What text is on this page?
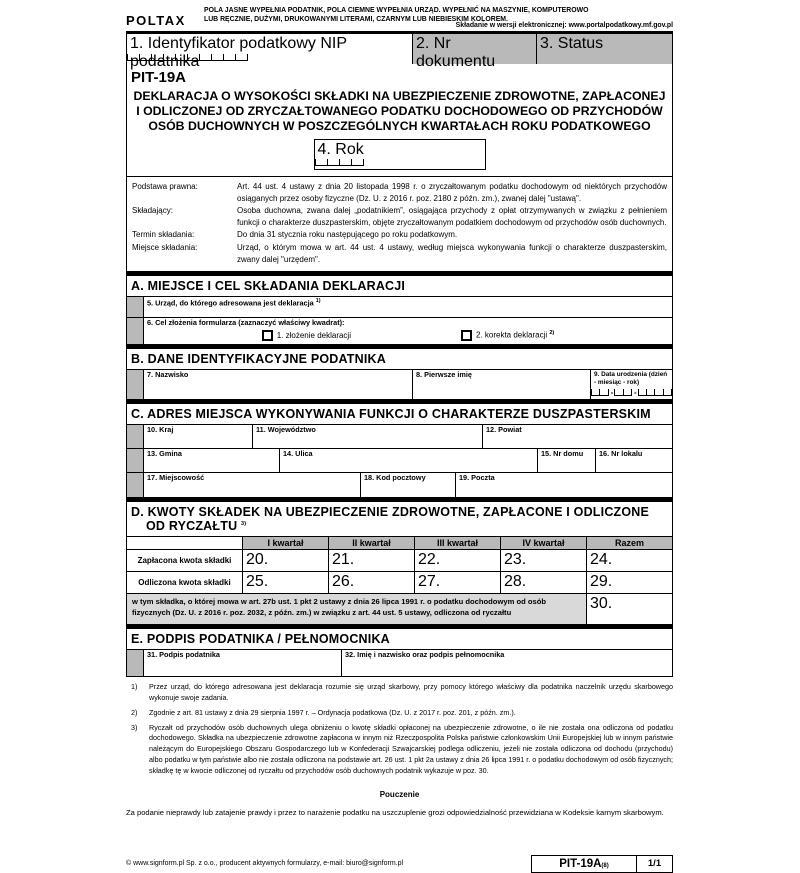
POLTAX
POLA JASNE WYPEŁNIA PODATNIK, POLA CIEMNE WYPEŁNIA URZĄD. WYPEŁNIĆ NA MASZYNIE, KOMPUTEROWO LUB RĘCZNIE, DUŻYMI, DRUKOWANYMI LITERAMI, CZARNYM LUB NIEBIESKIM KOLOREM.
Składanie w wersji elektronicznej: www.portalpodatkowy.mf.gov.pl
1. Identyfikator podatkowy NIP podatnika
2. Nr dokumentu
3. Status
PIT-19A
DEKLARACJA O WYSOKOŚCI SKŁADKI NA UBEZPIECZENIE ZDROWOTNE, ZAPŁACONEJ
I ODLICZONEJ OD ZRYCZAŁTOWANEGO PODATKU DOCHODOWEGO OD PRZYCHODÓW
OSÓB DUCHOWNYCH W POSZCZEGÓLNYCH KWARTAŁACH ROKU PODATKOWEGO
4. Rok
Podstawa prawna:	Art. 44 ust. 4 ustawy z dnia 20 listopada 1998 r. o zryczałtowanym podatku dochodowym od niektórych przychodów osiąganych przez osoby fizyczne (Dz. U. z 2016 r. poz. 2180 z późn. zm.), zwanej dalej "ustawą".
Składający:	Osoba duchowna, zwana dalej „podatnikiem”, osiągająca przychody z opłat otrzymywanych w związku z pełnieniem funkcji o charakterze duszpasterskim, objęte zryczałtowanym podatkiem dochodowym od przychodów osób duchownych.
Termin składania:	Do dnia 31 stycznia roku następującego po roku podatkowym.
Miejsce składania:	Urząd, o którym mowa w art. 44 ust. 4 ustawy, według miejsca wykonywania funkcji o charakterze duszpasterskim, zwany dalej "urzędem".
A. MIEJSCE I CEL SKŁADANIA DEKLARACJI
5. Urząd, do którego adresowana jest deklaracja $^{1)}$
6. Cel złożenia formularza (zaznaczyć właściwy kwadrat):
1. złożenie deklaracji	2. korekta deklaracji $^{2)}$
B. DANE IDENTYFIKACYJNE PODATNIKA
7. Nazwisko	8. Pierwsze imię	9. Data urodzenia (dzień - miesiąc - rok)
-	-
C. ADRES MIEJSCA WYKONYWANIA FUNKCJI O CHARAKTERZE DUSZPASTERSKIM
10. Kraj	11. Województwo	12. Powiat
13. Gmina	14. Ulica	15. Nr domu	16. Nr lokalu
17. Miejscowość	18. Kod pocztowy	19. Poczta
D. KWOTY SKŁADEK NA UBEZPIECZENIE ZDROWOTNE, ZAPŁACONE I ODLICZONE
OD RYCZAŁTU $^{3)}$
I kwartał	II kwartał	III kwartał	IV kwartał	Razem
Zapłacona kwota składki 20.	21.	22.	23.	24.
Odliczona kwota składki 25.	26.	27.	28.	29.
w tym składka, o której mowa w art. 27b ust. 1 pkt 2 ustawy z dnia 26 lipca 1991 r. o podatku dochodowym od osób fizycznych (Dz. U. z 2016 r. poz. 2032, z późn. zm.) w związku z art. 44 ust. 5 ustawy, odliczona od ryczałtu
30.
E. PODPIS PODATNIKA / PEŁNOMOCNIKA
31. Podpis podatnika	32. Imię i nazwisko oraz podpis pełnomocnika
1)	Przez urząd, do którego adresowana jest deklaracja rozumie się urząd skarbowy, przy pomocy którego właściwy dla podatnika naczelnik urzędu skarbowego wykonuje swoje zadania.
2)	Zgodnie z art. 81 ustawy z dnia 29 sierpnia 1997 r. – Ordynacja podatkowa (Dz. U. z 2017 r. poz. 201, z późn. zm.).
3)	Ryczałt od przychodów osób duchownych ulega obniżeniu o kwotę składki opłaconej na ubezpieczenie zdrowotne, o ile nie została ona odliczona od podatku dochodowego. Składka na ubezpieczenie zdrowotne zapłacona w innym niż Rzeczpospolita Polska państwie członkowskim Unii Europejskiej lub w innym państwie należącym do Europejskiego Obszaru Gospodarczego lub w Konfederacji Szwajcarskiej podlega odliczeniu, jeżeli nie została odliczona od dochodu (przychodu) albo podatku w tym państwie albo nie została odliczona na podstawie art. 26 ust. 1 pkt 2a ustawy z dnia 26 lipca 1991 r. o podatku dochodowym od osób fizycznych; składkę tę w kwocie odliczonej od ryczałtu od przychodów osób duchownych podatnik wykazuje w poz. 30.
Pouczenie
Za podanie nieprawdy lub zatajenie prawdy i przez to narażenie podatku na uszczuplenie grozi odpowiedzialność przewidziana w Kodeksie karnym skarbowym.
© www.signform.pl Sp. z o.o., producent aktywnych formularzy, e-mail: biuro@signform.pl	PIT-19A(8)	1/1
